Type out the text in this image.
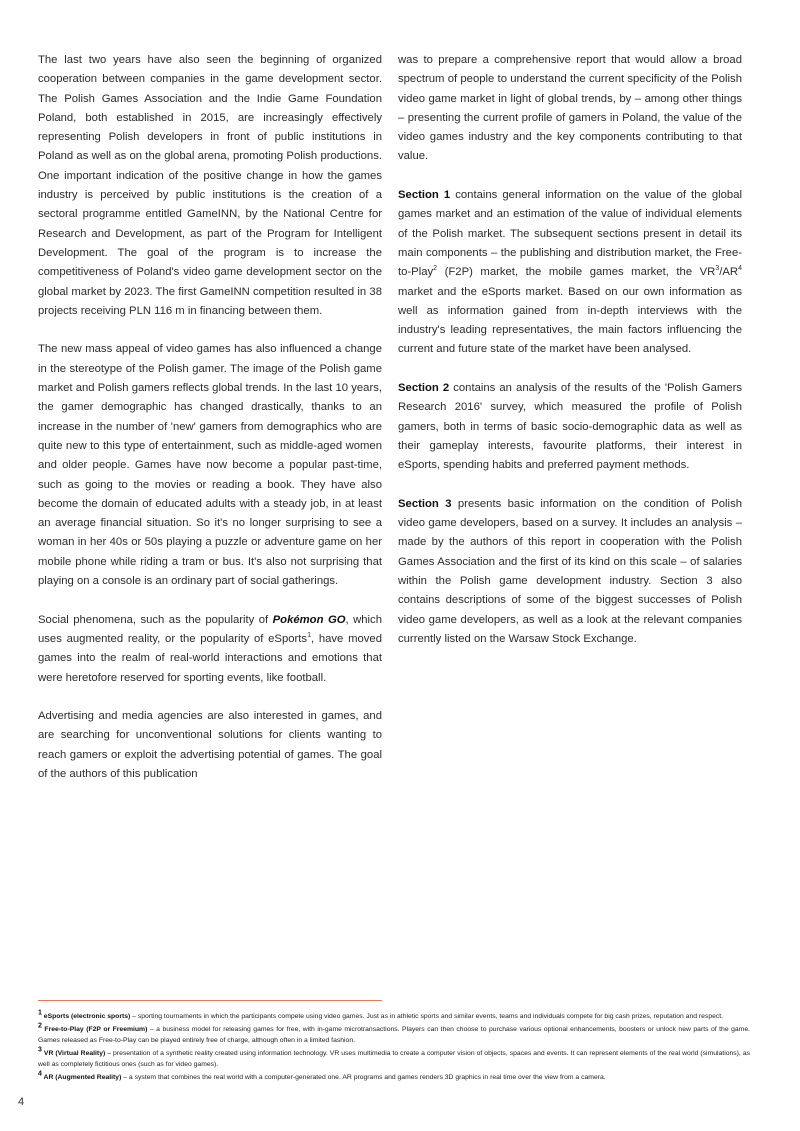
The last two years have also seen the beginning of organized cooperation between companies in the game development sector. The Polish Games Association and the Indie Game Foundation Poland, both established in 2015, are increasingly effectively representing Polish developers in front of public institutions in Poland as well as on the global arena, promoting Polish productions. One important indication of the positive change in how the games industry is perceived by public institutions is the creation of a sectoral programme entitled GameINN, by the National Centre for Research and Development, as part of the Program for Intelligent Development. The goal of the program is to increase the competitiveness of Poland's video game development sector on the global market by 2023. The first GameINN competition resulted in 38 projects receiving PLN 116 m in financing between them.

The new mass appeal of video games has also influenced a change in the stereotype of the Polish gamer. The image of the Polish game market and Polish gamers reflects global trends. In the last 10 years, the gamer demographic has changed drastically, thanks to an increase in the number of 'new' gamers from demographics who are quite new to this type of entertainment, such as middle-aged women and older people. Games have now become a popular past-time, such as going to the movies or reading a book. They have also become the domain of educated adults with a steady job, in at least an average financial situation. So it's no longer surprising to see a woman in her 40s or 50s playing a puzzle or adventure game on her mobile phone while riding a tram or bus. It's also not surprising that playing on a console is an ordinary part of social gatherings.

Social phenomena, such as the popularity of Pokémon GO, which uses augmented reality, or the popularity of eSports$^1$, have moved games into the realm of real-world interactions and emotions that were heretofore reserved for sporting events, like football.

Advertising and media agencies are also interested in games, and are searching for unconventional solutions for clients wanting to reach gamers or exploit the advertising potential of games. The goal of the authors of this publication

was to prepare a comprehensive report that would allow a broad spectrum of people to understand the current specificity of the Polish video game market in light of global trends, by – among other things – presenting the current profile of gamers in Poland, the value of the video games industry and the key components contributing to that value.

Section 1 contains general information on the value of the global games market and an estimation of the value of individual elements of the Polish market. The subsequent sections present in detail its main components – the publishing and distribution market, the Free-to-Play$^2$ (F2P) market, the mobile games market, the $VR^3/AR^4$ market and the eSports market. Based on our own information as well as information gained from in-depth interviews with the industry's leading representatives, the main factors influencing the current and future state of the market have been analysed.

Section 2 contains an analysis of the results of the 'Polish Gamers Research 2016' survey, which measured the profile of Polish gamers, both in terms of basic socio-demographic data as well as their gameplay interests, favourite platforms, their interest in eSports, spending habits and preferred payment methods.

Section 3 presents basic information on the condition of Polish video game developers, based on a survey. It includes an analysis – made by the authors of this report in cooperation with the Polish Games Association and the first of its kind on this scale – of salaries within the Polish game development industry. Section 3 also contains descriptions of some of the biggest successes of Polish video game developers, as well as a look at the relevant companies currently listed on the Warsaw Stock Exchange.

$^1$ eSports (electronic sports) – sporting tournaments in which the participants compete using video games. Just as in athletic sports and similar events, teams and individuals compete for big cash prizes, reputation and respect.

$^2$ Free-to-Play (F2P or Freemium) – a business model for releasing games for free, with in-game microtransactions. Players can then choose to purchase various optional enhancements, boosters or unlock new parts of the game. Games released as Free-to-Play can be played entirely free of charge, although often in a limited fashion.

$^3$ VR (Virtual Reality) – presentation of a synthetic reality created using information technology. VR uses multimedia to create a computer vision of objects, spaces and events. It can represent elements of the real world (simulations), as well as completely fictitious ones (such as for video games).

$^4$ AR (Augmented Reality) – a system that combines the real world with a computer-generated one. AR programs and games renders 3D graphics in real time over the view from a camera.

4
